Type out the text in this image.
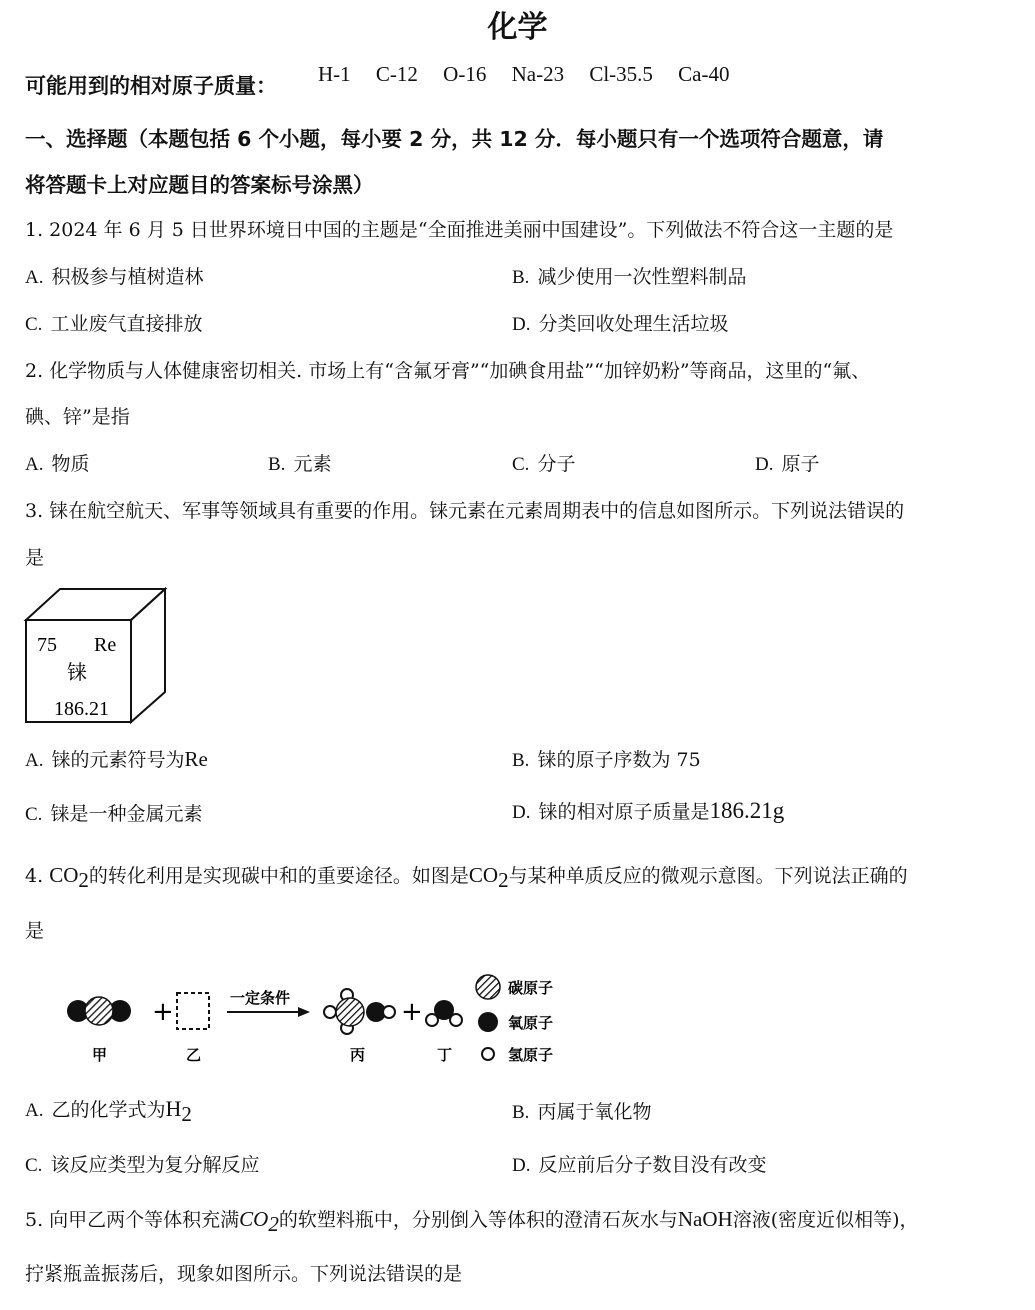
化学
可能用到的相对原子质量： H-1 C-12 O-16 Na-23 Cl-35.5 Ca-40
一、选择题（本题包括 6 个小题，每小要 2 分，共 12 分．每小题只有一个选项符合题意，请
将答题卡上对应题目的答案标号涂黑）
1. 2024 年 6 月 5 日世界环境日中国的主题是“全面推进美丽中国建设”。下列做法不符合这一主题的是
A. 积极参与植树造林	B. 减少使用一次性塑料制品
C. 工业废气直接排放	D. 分类回收处理生活垃圾
2. 化学物质与人体健康密切相关. 市场上有“含氟牙膏”“加碘食用盐”“加锌奶粉”等商品，这里的“氟、
碘、锌”是指
A. 物质	B. 元素	C. 分子	D. 原子
3. 铼在航空航天、军事等领域具有重要的作用。铼元素在元素周期表中的信息如图所示。下列说法错误的
是
75 Re
铼
186.21
A. 铼的元素符号为Re	B. 铼的原子序数为 75
C. 铼是一种金属元素	D. 铼的相对原子质量是186.21g
4. $CO_2$的转化利用是实现碳中和的重要途径。如图是$CO_2$与某种单质反应的微观示意图。下列说法正确的
是
+	一定条件	+
甲	乙	丙	丁
碳原子
氧原子
氢原子
A. 乙的化学式为$H_2$	B. 丙属于氧化物
C. 该反应类型为复分解反应	D. 反应前后分子数目没有改变
5. 向甲乙两个等体积充满$CO_2$的软塑料瓶中，分别倒入等体积的澄清石灰水与NaOH溶液(密度近似相等)，
拧紧瓶盖振荡后，现象如图所示。下列说法错误的是
